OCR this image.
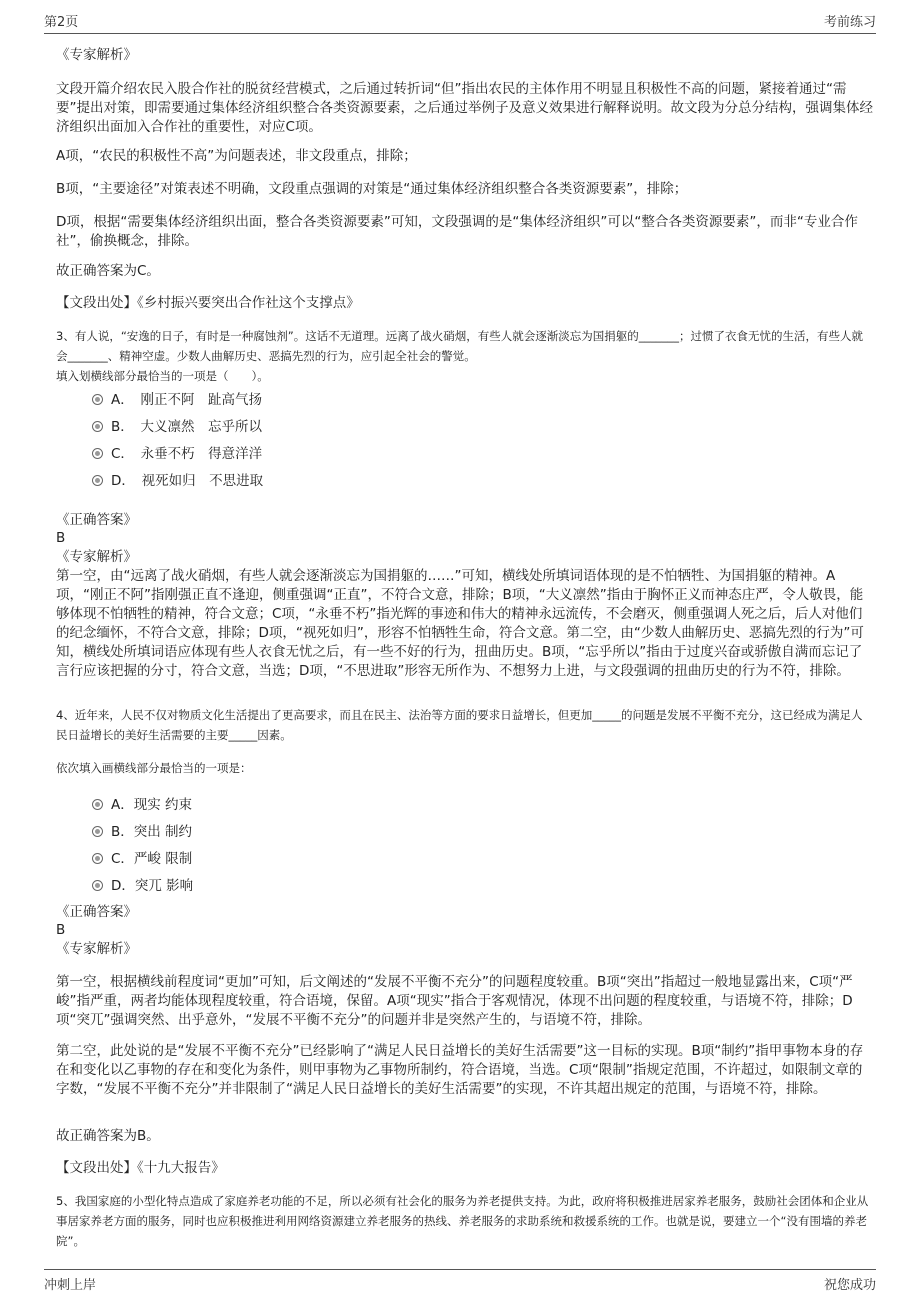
第2页	考前练习
《专家解析》
文段开篇介绍农民入股合作社的脱贫经营模式，之后通过转折词“但”指出农民的主体作用不明显且积极性不高的问题，紧接着通过“需要”提出对策，即需要通过集体经济组织整合各类资源要素，之后通过举例子及意义效果进行解释说明。故文段为分总分结构，强调集体经济组织出面加入合作社的重要性，对应C项。
A项，“农民的积极性不高”为问题表述，非文段重点，排除；
B项，“主要途径”对策表述不明确，文段重点强调的对策是“通过集体经济组织整合各类资源要素”，排除；
D项，根据“需要集体经济组织出面，整合各类资源要素”可知，文段强调的是“集体经济组织”可以“整合各类资源要素”，而非“专业合作社”，偷换概念，排除。
故正确答案为C。
【文段出处】《乡村振兴要突出合作社这个支撑点》
3、有人说，“安逸的日子，有时是一种腐蚀剂”。这话不无道理。远离了战火硝烟，有些人就会逐渐淡忘为国捐躯的_______；过惯了衣食无忧的生活，有些人就会_______、精神空虚。少数人曲解历史、恶搞先烈的行为，应引起全社会的警觉。
填入划横线部分最恰当的一项是（　　）。
A．　刚正不阿　趾高气扬
B．　大义凛然　忘乎所以
C．　永垂不朽　得意洋洋
D．　视死如归　不思进取
《正确答案》
B
《专家解析》
第一空，由“远离了战火硝烟，有些人就会逐渐淡忘为国捐躯的……”可知，横线处所填词语体现的是不怕牺牲、为国捐躯的精神。A项，“刚正不阿”指刚强正直不逢迎，侧重强调“正直”，不符合文意，排除；B项，“大义凛然”指由于胸怀正义而神态庄严，令人敬畏，能够体现不怕牺牲的精神，符合文意；C项，“永垂不朽”指光辉的事迹和伟大的精神永远流传，不会磨灭，侧重强调人死之后，后人对他们的纪念缅怀，不符合文意，排除；D项，“视死如归”，形容不怕牺牲生命，符合文意。第二空，由“少数人曲解历史、恶搞先烈的行为”可知，横线处所填词语应体现有些人衣食无忧之后，有一些不好的行为，扭曲历史。B项，“忘乎所以”指由于过度兴奋或骄傲自满而忘记了言行应该把握的分寸，符合文意，当选；D项，“不思进取”形容无所作为、不想努力上进，与文段强调的扭曲历史的行为不符，排除。
4、近年来，人民不仅对物质文化生活提出了更高要求，而且在民主、法治等方面的要求日益增长，但更加_____的问题是发展不平衡不充分，这已经成为满足人民日益增长的美好生活需要的主要_____因素。
依次填入画横线部分最恰当的一项是：
A．现实 约束
B．突出 制约
C．严峻 限制
D．突兀 影响
《正确答案》
B
《专家解析》
第一空，根据横线前程度词“更加”可知，后文阐述的“发展不平衡不充分”的问题程度较重。B项“突出”指超过一般地显露出来，C项“严峻”指严重，两者均能体现程度较重，符合语境，保留。A项“现实”指合于客观情况，体现不出问题的程度较重，与语境不符，排除；D项“突兀”强调突然、出乎意外，“发展不平衡不充分”的问题并非是突然产生的，与语境不符，排除。
第二空，此处说的是“发展不平衡不充分”已经影响了“满足人民日益增长的美好生活需要”这一目标的实现。B项“制约”指甲事物本身的存在和变化以乙事物的存在和变化为条件，则甲事物为乙事物所制约，符合语境，当选。C项“限制”指规定范围，不许超过，如限制文章的字数，“发展不平衡不充分”并非限制了“满足人民日益增长的美好生活需要”的实现，不许其超出规定的范围，与语境不符，排除。
故正确答案为B。
【文段出处】《十九大报告》
5、我国家庭的小型化特点造成了家庭养老功能的不足，所以必须有社会化的服务为养老提供支持。为此，政府将积极推进居家养老服务，鼓励社会团体和企业从事居家养老方面的服务，同时也应积极推进利用网络资源建立养老服务的热线、养老服务的求助系统和救援系统的工作。也就是说，要建立一个“没有围墙的养老院”。
冲刺上岸	祝您成功
